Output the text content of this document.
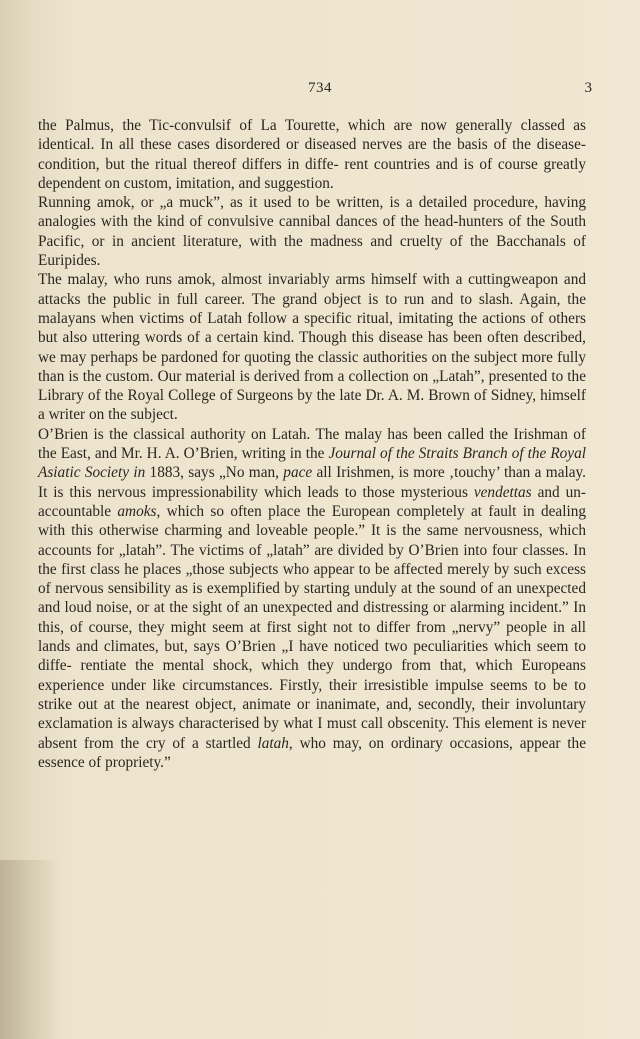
734	3

the Palmus, the Tic-convulsif of La Tourette, which are now generally classed as identical. In all these cases disordered or diseased nerves are the basis of the disease-condition, but the ritual thereof differs in diffe- rent countries and is of course greatly dependent on custom, imitation, and suggestion.

Running amok, or „a muck”, as it used to be written, is a detailed procedure, having analogies with the kind of convulsive cannibal dances of the head-hunters of the South Pacific, or in ancient literature, with the madness and cruelty of the Bacchanals of Euripides.

The malay, who runs amok, almost invariably arms himself with a cuttingweapon and attacks the public in full career. The grand object is to run and to slash. Again, the malayans when victims of Latah follow a specific ritual, imitating the actions of others but also uttering words of a certain kind. Though this disease has been often described, we may perhaps be pardoned for quoting the classic authorities on the subject more fully than is the custom. Our material is derived from a collection on „Latah”, presented to the Library of the Royal College of Surgeons by the late Dr. A. M. Brown of Sidney, himself a writer on the subject.

O’Brien is the classical authority on Latah. The malay has been called the Irishman of the East, and Mr. H. A. O’Brien, writing in the Journal of the Straits Branch of the Royal Asiatic Society in 1883, says „No man, pace all Irishmen, is more ‚touchy’ than a malay. It is this nervous impressionability which leads to those mysterious vendettas and un- accountable amoks, which so often place the European completely at fault in dealing with this otherwise charming and loveable people.” It is the same nervousness, which accounts for „latah”. The victims of „latah” are divided by O’Brien into four classes. In the first class he places „those subjects who appear to be affected merely by such excess of nervous sensibility as is exemplified by starting unduly at the sound of an unexpected and loud noise, or at the sight of an unexpected and distressing or alarming incident.” In this, of course, they might seem at first sight not to differ from „nervy” people in all lands and climates, but, says O’Brien „I have noticed two peculiarities which seem to diffe- rentiate the mental shock, which they undergo from that, which Europeans experience under like circumstances. Firstly, their irresistible impulse seems to be to strike out at the nearest object, animate or inanimate, and, secondly, their involuntary exclamation is always characterised by what I must call obscenity. This element is never absent from the cry of a startled latah, who may, on ordinary occasions, appear the essence of propriety.”
